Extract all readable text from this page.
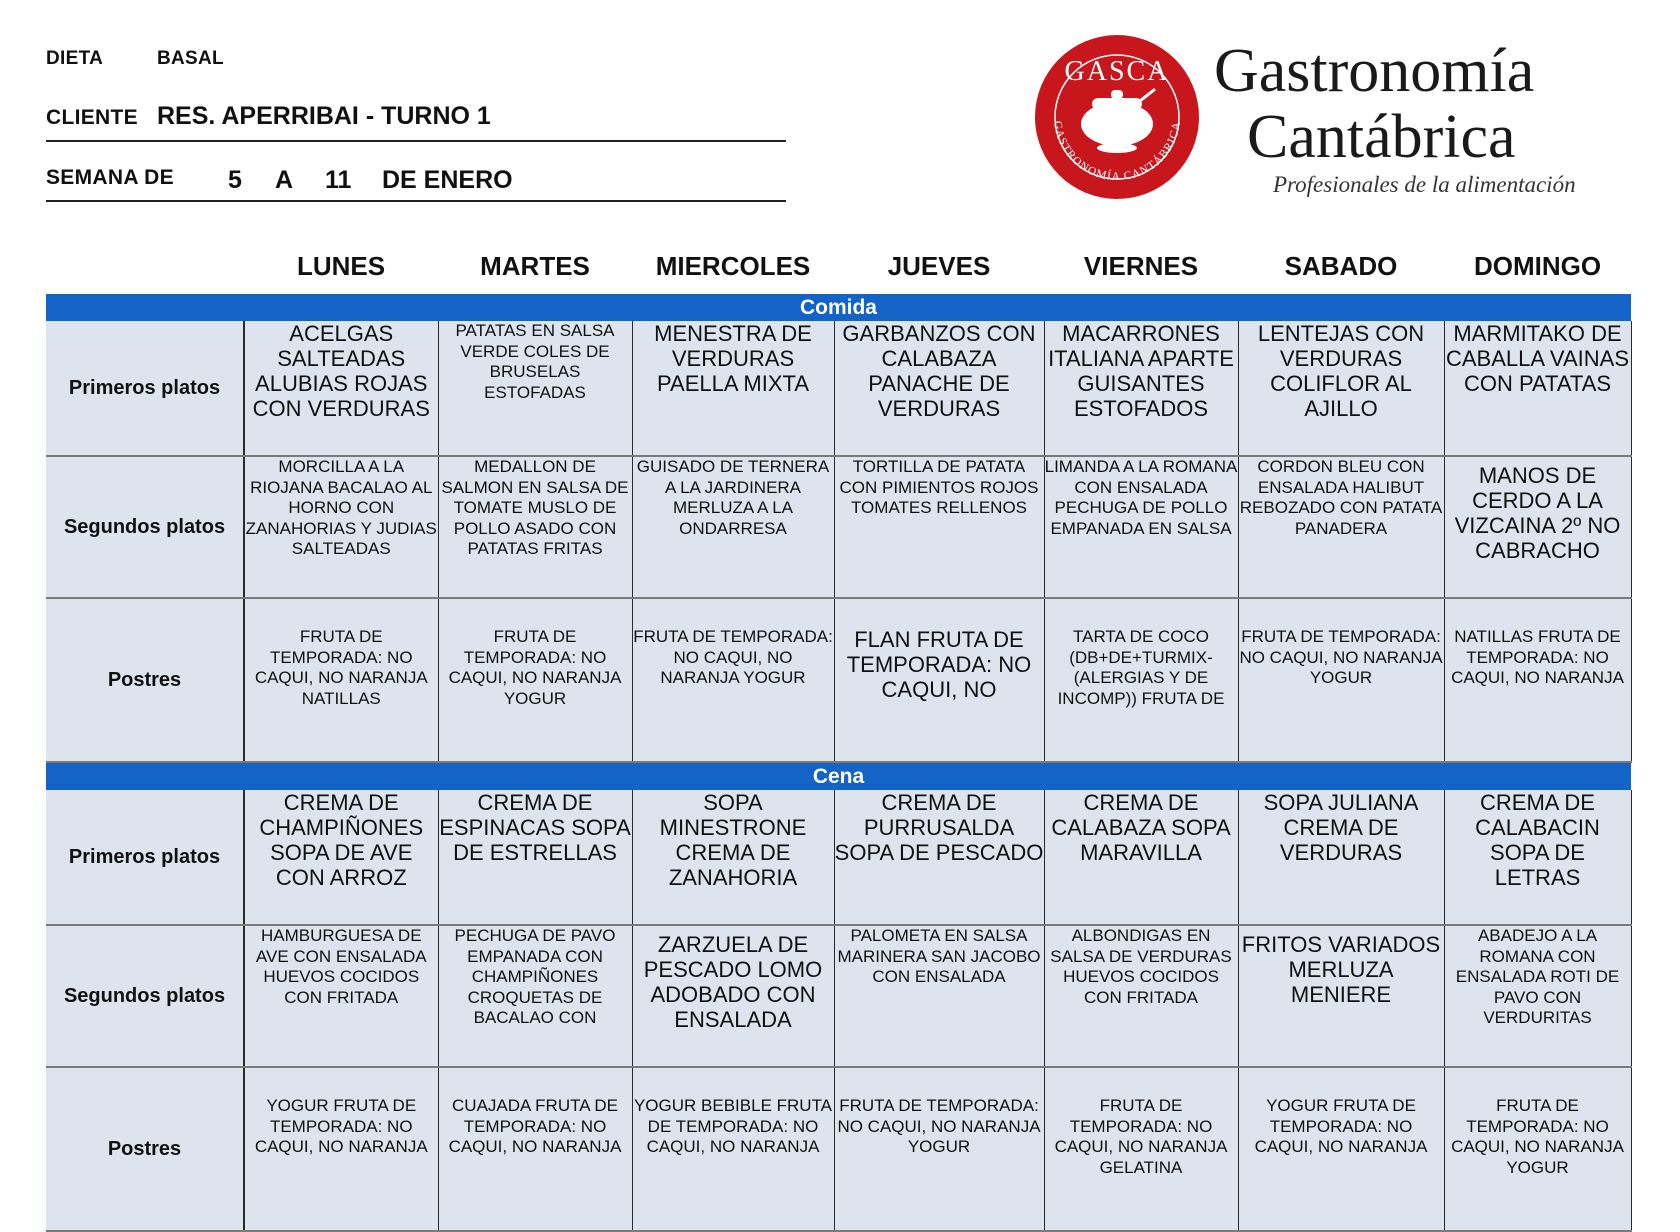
DIETA	BASAL
CLIENTE RES. APERRIBAI - TURNO 1
SEMANA DE 5 A 11 DE ENERO
GASCA
GASTRONOMÍA CANTÁBRICA
Gastronomía
Cantábrica
Profesionales de la alimentación
	LUNES	MARTES	MIERCOLES	JUEVES	VIERNES	SABADO	DOMINGO
Comida							
Primeros platos	ACELGAS SALTEADAS ALUBIAS ROJAS CON VERDURAS	PATATAS EN SALSA VERDE COLES DE BRUSELAS ESTOFADAS	MENESTRA DE VERDURAS PAELLA MIXTA	GARBANZOS CON CALABAZA PANACHE DE VERDURAS	MACARRONES ITALIANA APARTE GUISANTES ESTOFADOS	LENTEJAS CON VERDURAS COLIFLOR AL AJILLO	MARMITAKO DE CABALLA VAINAS CON PATATAS
Segundos platos	MORCILLA A LA RIOJANA BACALAO AL HORNO CON ZANAHORIAS Y JUDIAS SALTEADAS	MEDALLON DE SALMON EN SALSA DE TOMATE MUSLO DE POLLO ASADO CON PATATAS FRITAS	GUISADO DE TERNERA A LA JARDINERA MERLUZA A LA ONDARRESA	TORTILLA DE PATATA CON PIMIENTOS ROJOS TOMATES RELLENOS	LIMANDA A LA ROMANA CON ENSALADA PECHUGA DE POLLO EMPANADA EN SALSA	CORDON BLEU CON ENSALADA HALIBUT REBOZADO CON PATATA PANADERA	MANOS DE CERDO A LA VIZCAINA 2º NO CABRACHO
Postres	FRUTA DE TEMPORADA: NO CAQUI, NO NARANJA NATILLAS	FRUTA DE TEMPORADA: NO CAQUI, NO NARANJA YOGUR	FRUTA DE TEMPORADA: NO CAQUI, NO NARANJA YOGUR	FLAN FRUTA DE TEMPORADA: NO CAQUI, NO	TARTA DE COCO (DB+DE+TURMIX-(ALERGIAS Y DE INCOMP)) FRUTA DE	FRUTA DE TEMPORADA: NO CAQUI, NO NARANJA YOGUR	NATILLAS FRUTA DE TEMPORADA: NO CAQUI, NO NARANJA
Cena							
Primeros platos	CREMA DE CHAMPIÑONES SOPA DE AVE CON ARROZ	CREMA DE ESPINACAS SOPA DE ESTRELLAS	SOPA MINESTRONE CREMA DE ZANAHORIA	CREMA DE PURRUSALDA SOPA DE PESCADO	CREMA DE CALABAZA SOPA MARAVILLA	SOPA JULIANA CREMA DE VERDURAS	CREMA DE CALABACIN SOPA DE LETRAS
Segundos platos	HAMBURGUESA DE AVE CON ENSALADA HUEVOS COCIDOS CON FRITADA	PECHUGA DE PAVO EMPANADA CON CHAMPIÑONES CROQUETAS DE BACALAO CON	ZARZUELA DE PESCADO LOMO ADOBADO CON ENSALADA	PALOMETA EN SALSA MARINERA SAN JACOBO CON ENSALADA	ALBONDIGAS EN SALSA DE VERDURAS HUEVOS COCIDOS CON FRITADA	FRITOS VARIADOS MERLUZA MENIERE	ABADEJO A LA ROMANA CON ENSALADA ROTI DE PAVO CON VERDURITAS
Postres	YOGUR FRUTA DE TEMPORADA: NO CAQUI, NO NARANJA	CUAJADA FRUTA DE TEMPORADA: NO CAQUI, NO NARANJA	YOGUR BEBIBLE FRUTA DE TEMPORADA: NO CAQUI, NO NARANJA	FRUTA DE TEMPORADA: NO CAQUI, NO NARANJA YOGUR	FRUTA DE TEMPORADA: NO CAQUI, NO NARANJA GELATINA	YOGUR FRUTA DE TEMPORADA: NO CAQUI, NO NARANJA	FRUTA DE TEMPORADA: NO CAQUI, NO NARANJA YOGUR
